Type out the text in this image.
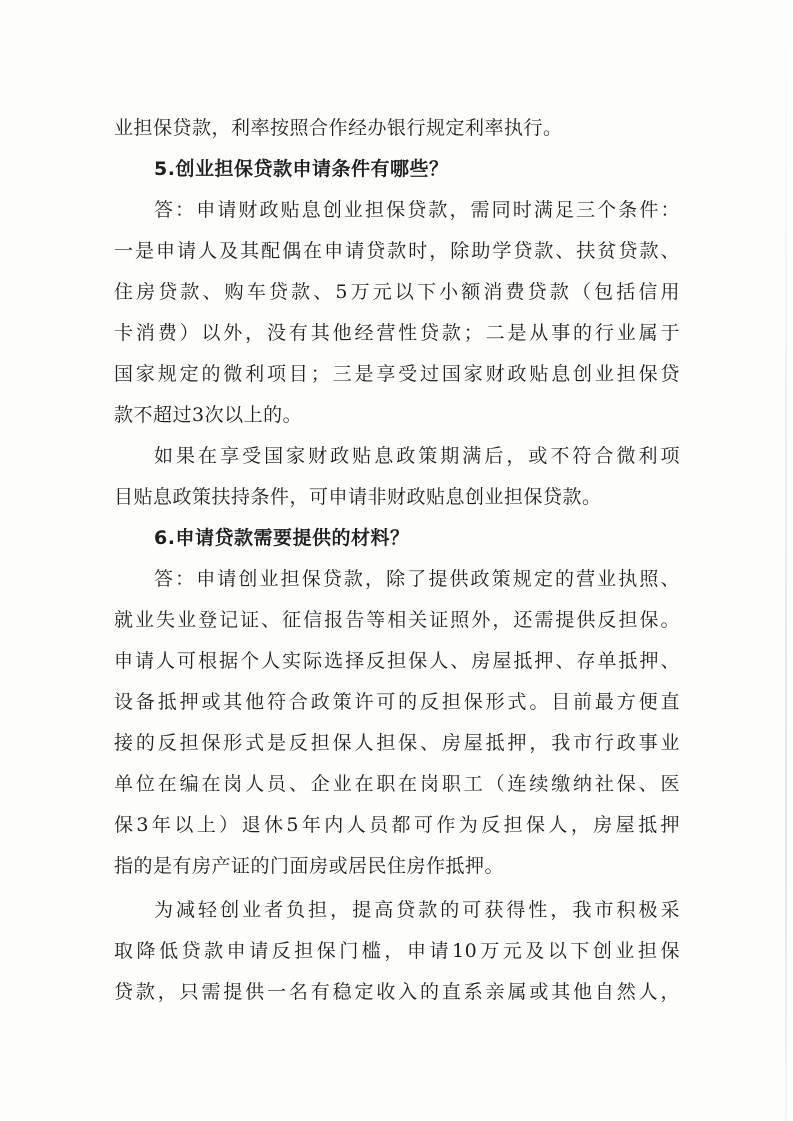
业担保贷款，利率按照合作经办银行规定利率执行。
5.创业担保贷款申请条件有哪些？
答：申请财政贴息创业担保贷款，需同时满足三个条件：
一是申请人及其配偶在申请贷款时，除助学贷款、扶贫贷款、
住房贷款、购车贷款、5万元以下小额消费贷款（包括信用
卡消费）以外，没有其他经营性贷款；二是从事的行业属于
国家规定的微利项目；三是享受过国家财政贴息创业担保贷
款不超过3次以上的。
如果在享受国家财政贴息政策期满后，或不符合微利项
目贴息政策扶持条件，可申请非财政贴息创业担保贷款。
6.申请贷款需要提供的材料？
答：申请创业担保贷款，除了提供政策规定的营业执照、
就业失业登记证、征信报告等相关证照外，还需提供反担保。
申请人可根据个人实际选择反担保人、房屋抵押、存单抵押、
设备抵押或其他符合政策许可的反担保形式。目前最方便直
接的反担保形式是反担保人担保、房屋抵押，我市行政事业
单位在编在岗人员、企业在职在岗职工（连续缴纳社保、医
保3年以上）退休5年内人员都可作为反担保人，房屋抵押
指的是有房产证的门面房或居民住房作抵押。
为减轻创业者负担，提高贷款的可获得性，我市积极采
取降低贷款申请反担保门槛，申请10万元及以下创业担保
贷款，只需提供一名有稳定收入的直系亲属或其他自然人，
